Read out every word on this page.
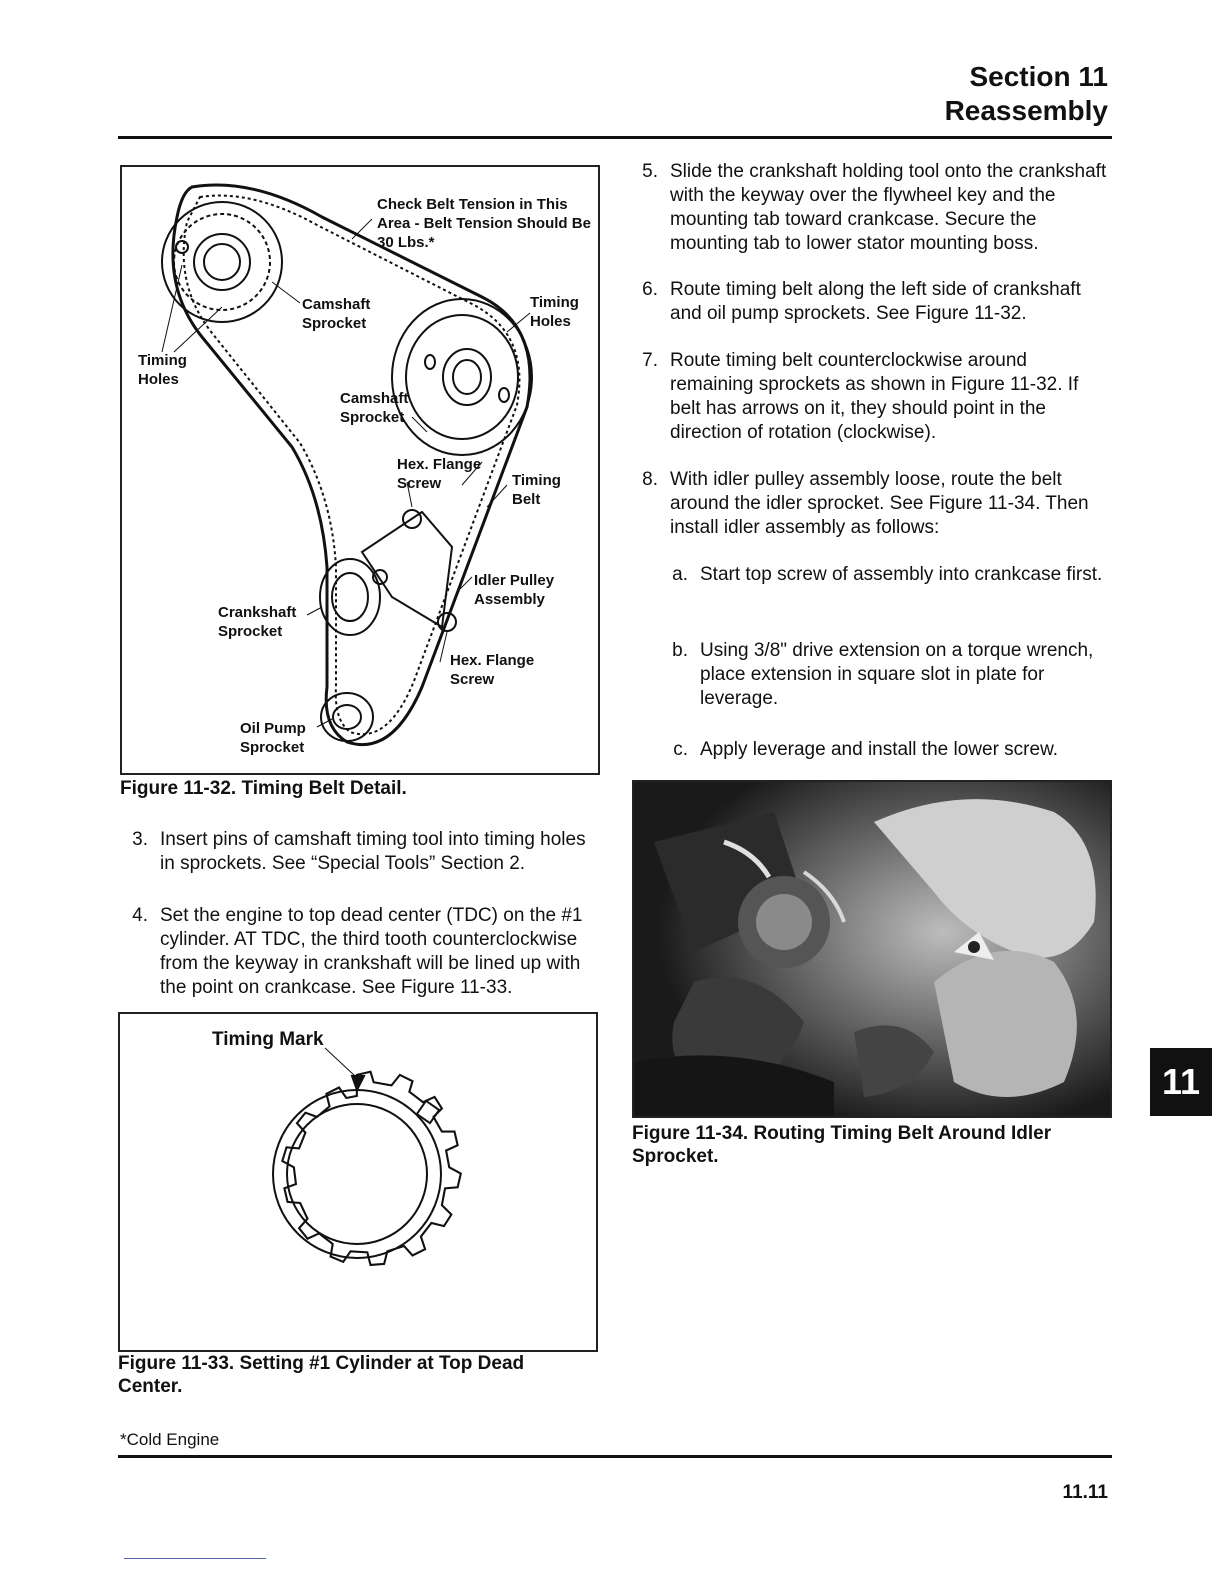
Section 11
Reassembly
Check Belt Tension in This Area - Belt Tension Should Be 30 Lbs.*
Camshaft Sprocket
Timing Holes
Timing Holes
Camshaft Sprocket
Hex. Flange Screw	Timing Belt
Idler Pulley Assembly
Crankshaft Sprocket
Hex. Flange Screw
Oil Pump Sprocket
Figure 11-32. Timing Belt Detail.
3. Insert pins of camshaft timing tool into timing holes in sprockets. See “Special Tools” Section 2.
4. Set the engine to top dead center (TDC) on the #1 cylinder. AT TDC, the third tooth counterclockwise from the keyway in crankshaft will be lined up with the point on crankcase. See Figure 11-33.
Timing Mark
Figure 11-33. Setting #1 Cylinder at Top Dead Center.
*Cold Engine
11.11
5. Slide the crankshaft holding tool onto the crankshaft with the keyway over the flywheel key and the mounting tab toward crankcase. Secure the mounting tab to lower stator mounting boss.
6. Route timing belt along the left side of crankshaft and oil pump sprockets. See Figure 11-32.
7. Route timing belt counterclockwise around remaining sprockets as shown in Figure 11-32. If belt has arrows on it, they should point in the direction of rotation (clockwise).
8. With idler pulley assembly loose, route the belt around the idler sprocket. See Figure 11-34. Then install idler assembly as follows:
a. Start top screw of assembly into crankcase first.
b. Using 3/8" drive extension on a torque wrench, place extension in square slot in plate for leverage.
c. Apply leverage and install the lower screw.
Figure 11-34. Routing Timing Belt Around Idler Sprocket.
11
